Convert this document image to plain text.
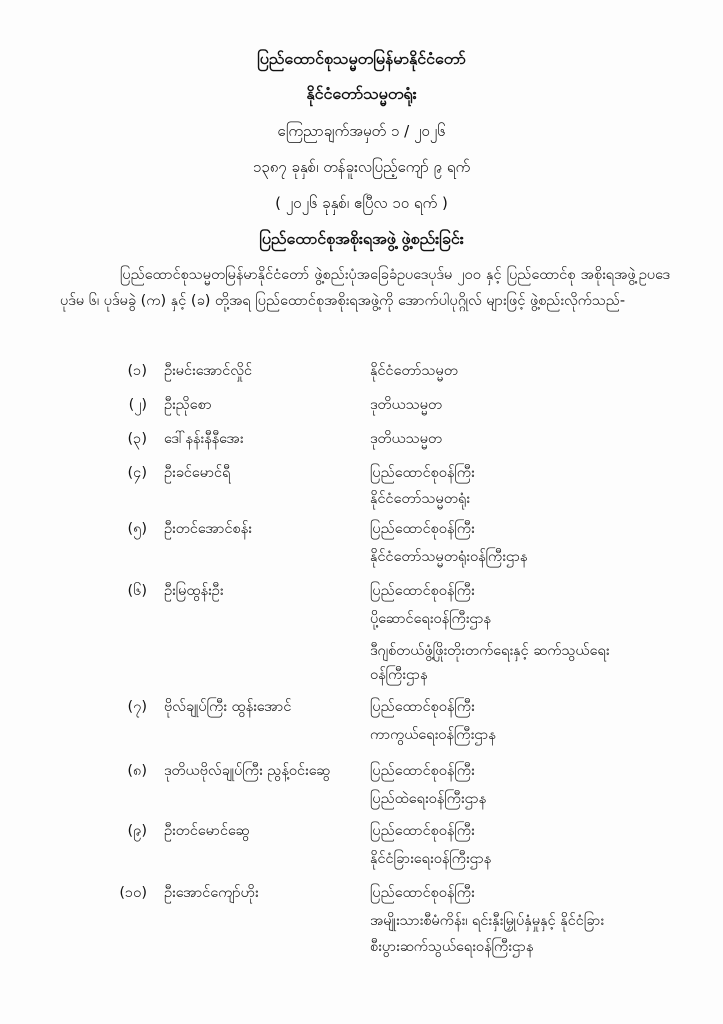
ပြည်ထောင်စုသမ္မတမြန်မာနိုင်ငံတော်
နိုင်ငံတော်သမ္မတရုံး
ကြေညာချက်အမှတ် ၁ / ၂၀၂၆
၁၃၈၇ ခုနှစ်၊ တန်ခူးလပြည့်ကျော် ၉ ရက်
( ၂၀၂၆ ခုနှစ်၊ ဧပြီလ ၁၀ ရက် )
ပြည်ထောင်စုအစိုးရအဖွဲ့ ဖွဲ့စည်းခြင်း
ပြည်ထောင်စုသမ္မတမြန်မာနိုင်ငံတော် ဖွဲ့စည်းပုံအခြေခံဥပဒေပုဒ်မ ၂၀၀ နှင့် ပြည်ထောင်စု အစိုးရအဖွဲ့ဥပဒေပုဒ်မ ၆၊ ပုဒ်မခွဲ (က) နှင့် (ခ) တို့အရ ပြည်ထောင်စုအစိုးရအဖွဲ့ကို အောက်ပါပုဂ္ဂိုလ် များဖြင့် ဖွဲ့စည်းလိုက်သည်-
(၁) ဦးမင်းအောင်လှိုင်	နိုင်ငံတော်သမ္မတ
(၂) ဦးညိုစော	ဒုတိယသမ္မတ
(၃) ဒေါ်နန်းနီနီအေး	ဒုတိယသမ္မတ
(၄) ဦးခင်မောင်ရီ	ပြည်ထောင်စုဝန်ကြီး
နိုင်ငံတော်သမ္မတရုံး
(၅) ဦးတင်အောင်စန်း	ပြည်ထောင်စုဝန်ကြီး
နိုင်ငံတော်သမ္မတရုံးဝန်ကြီးဌာန
(၆) ဦးမြထွန်းဦး	ပြည်ထောင်စုဝန်ကြီး
ပို့ဆောင်ရေးဝန်ကြီးဌာန
ဒီဂျစ်တယ်ဖွံ့ဖြိုးတိုးတက်ရေးနှင့် ဆက်သွယ်ရေး
ဝန်ကြီးဌာန
(၇) ဗိုလ်ချုပ်ကြီး ထွန်းအောင်	ပြည်ထောင်စုဝန်ကြီး
ကာကွယ်ရေးဝန်ကြီးဌာန
(၈) ဒုတိယဗိုလ်ချုပ်ကြီး ညွန့်ဝင်းဆွေ	ပြည်ထောင်စုဝန်ကြီး
ပြည်ထဲရေးဝန်ကြီးဌာန
(၉) ဦးတင်မောင်ဆွေ	ပြည်ထောင်စုဝန်ကြီး
နိုင်ငံခြားရေးဝန်ကြီးဌာန
(၁၀) ဦးအောင်ကျော်ဟိုး	ပြည်ထောင်စုဝန်ကြီး
အမျိုးသားစီမံကိန်း၊ ရင်းနှီးမြှုပ်နှံမှုနှင့် နိုင်ငံခြား
စီးပွားဆက်သွယ်ရေးဝန်ကြီးဌာန
